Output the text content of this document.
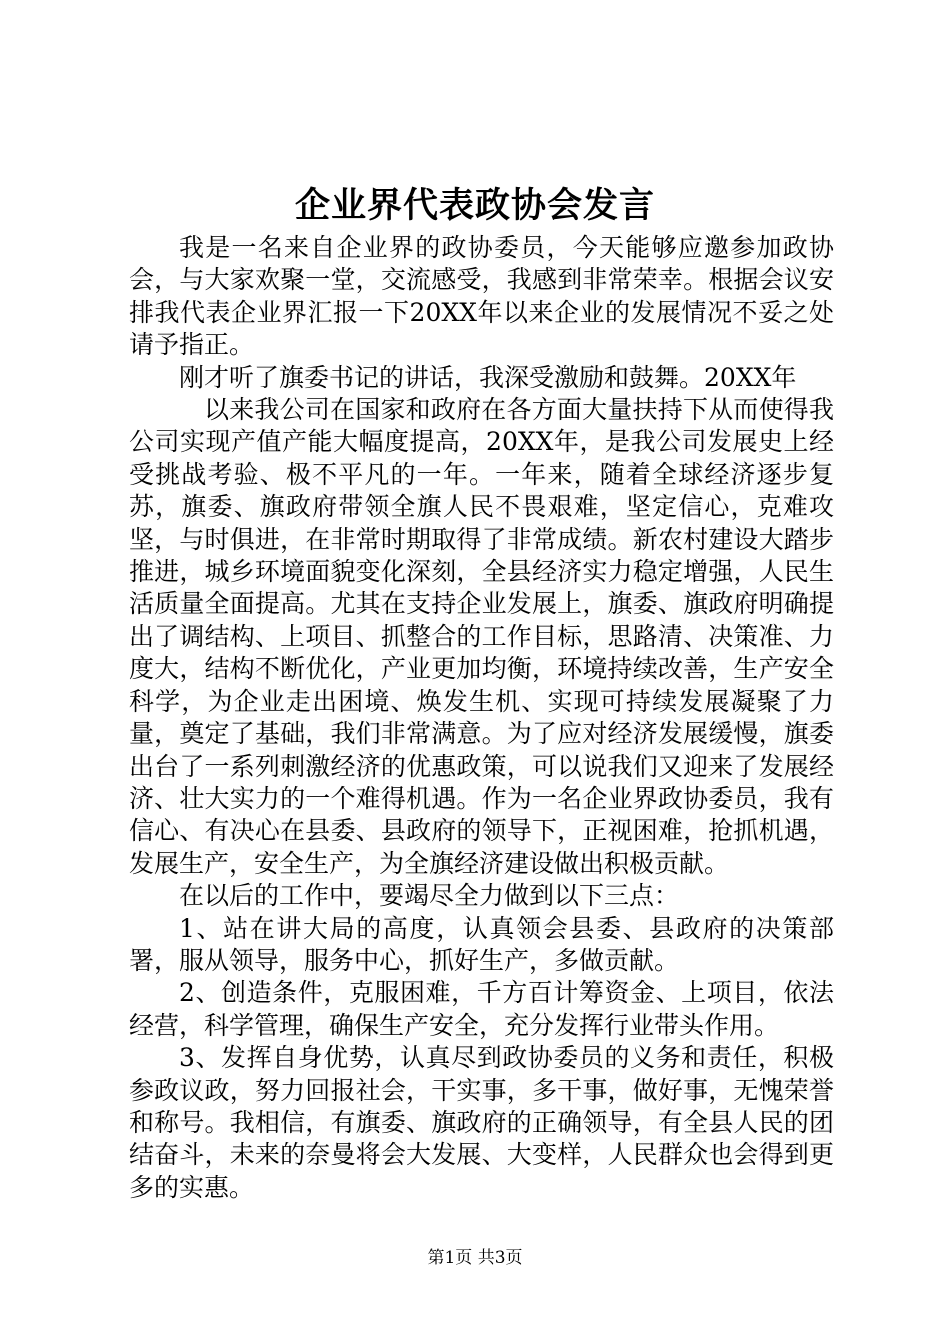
企业界代表政协会发言

我是一名来自企业界的政协委员，今天能够应邀参加政协会，与大家欢聚一堂，交流感受，我感到非常荣幸。根据会议安排我代表企业界汇报一下20XX年以来企业的发展情况不妥之处请予指正。

刚才听了旗委书记的讲话，我深受激励和鼓舞。20XX年

以来我公司在国家和政府在各方面大量扶持下从而使得我公司实现产值产能大幅度提高，20XX年，是我公司发展史上经受挑战考验、极不平凡的一年。一年来，随着全球经济逐步复苏，旗委、旗政府带领全旗人民不畏艰难，坚定信心，克难攻坚，与时俱进，在非常时期取得了非常成绩。新农村建设大踏步推进，城乡环境面貌变化深刻，全县经济实力稳定增强，人民生活质量全面提高。尤其在支持企业发展上，旗委、旗政府明确提出了调结构、上项目、抓整合的工作目标，思路清、决策准、力度大，结构不断优化，产业更加均衡，环境持续改善，生产安全科学，为企业走出困境、焕发生机、实现可持续发展凝聚了力量，奠定了基础，我们非常满意。为了应对经济发展缓慢，旗委出台了一系列刺激经济的优惠政策，可以说我们又迎来了发展经济、壮大实力的一个难得机遇。作为一名企业界政协委员，我有信心、有决心在县委、县政府的领导下，正视困难，抢抓机遇，发展生产，安全生产，为全旗经济建设做出积极贡献。

在以后的工作中，要竭尽全力做到以下三点：

1、站在讲大局的高度，认真领会县委、县政府的决策部署，服从领导，服务中心，抓好生产，多做贡献。

2、创造条件，克服困难，千方百计筹资金、上项目，依法经营，科学管理，确保生产安全，充分发挥行业带头作用。

3、发挥自身优势，认真尽到政协委员的义务和责任，积极参政议政，努力回报社会，干实事，多干事，做好事，无愧荣誉和称号。我相信，有旗委、旗政府的正确领导，有全县人民的团结奋斗，未来的奈曼将会大发展、大变样，人民群众也会得到更多的实惠。

第1页 共3页
